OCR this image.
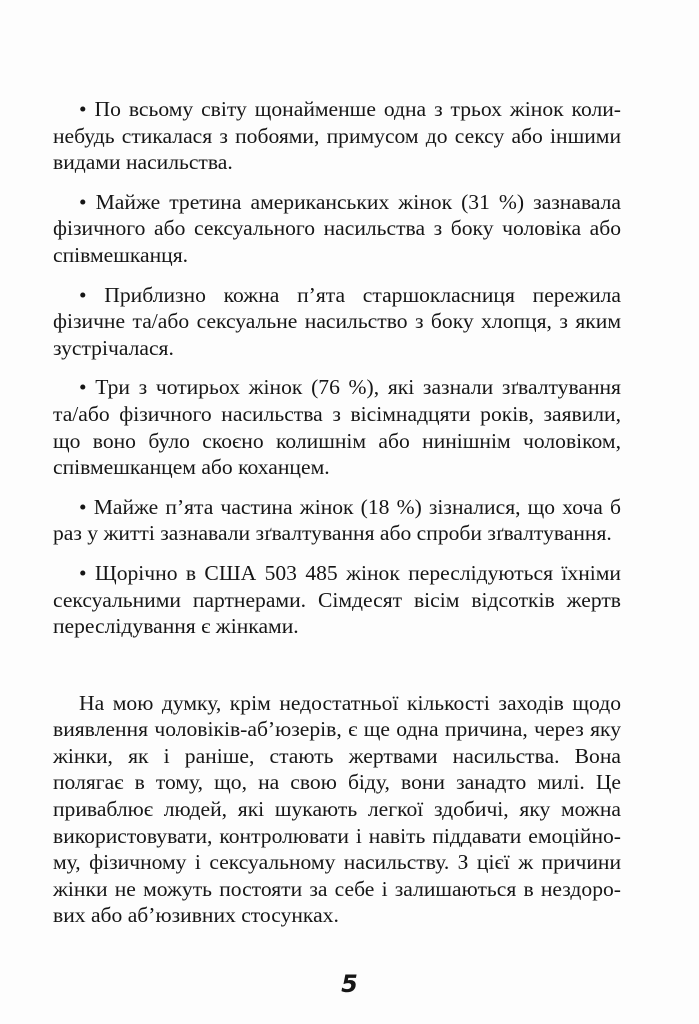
• По всьому світу щонайменше одна з трьох жінок коли-небудь стикалася з побоями, примусом до сексу або іншими видами насильства.

• Майже третина американських жінок (31 %) зазнавала фізичного або сексуального насильства з боку чоловіка або співмешканця.

• Приблизно кожна п’ята старшокласниця пережила фізичне та/або сексуальне насильство з боку хлопця, з яким зустрічалася.

• Три з чотирьох жінок (76 %), які зазнали зґвалтування та/або фізичного насильства з вісімнадцяти років, заявили, що воно було скоєно колишнім або нинішнім чоловіком, співмешканцем або коханцем.

• Майже п’ята частина жінок (18 %) зізналися, що хоча б раз у житті зазнавали зґвалтування або спроби зґвалтування.

• Щорічно в США 503 485 жінок переслідуються їхніми сексуальними партнерами. Сімдесят вісім відсотків жертв переслідування є жінками.

На мою думку, крім недостатньої кількості заходів щодо виявлення чоловіків-аб’юзерів, є ще одна причина, через яку жінки, як і раніше, стають жертвами насильства. Вона полягає в тому, що, на свою біду, вони занадто милі. Це приваблює людей, які шукають легкої здобичі, яку можна використовувати, контролювати і навіть піддавати емоційному, фізичному і сексуальному насильству. З цієї ж причини жінки не можуть постояти за себе і залишаються в нездорових або аб’юзивних стосунках.

5
